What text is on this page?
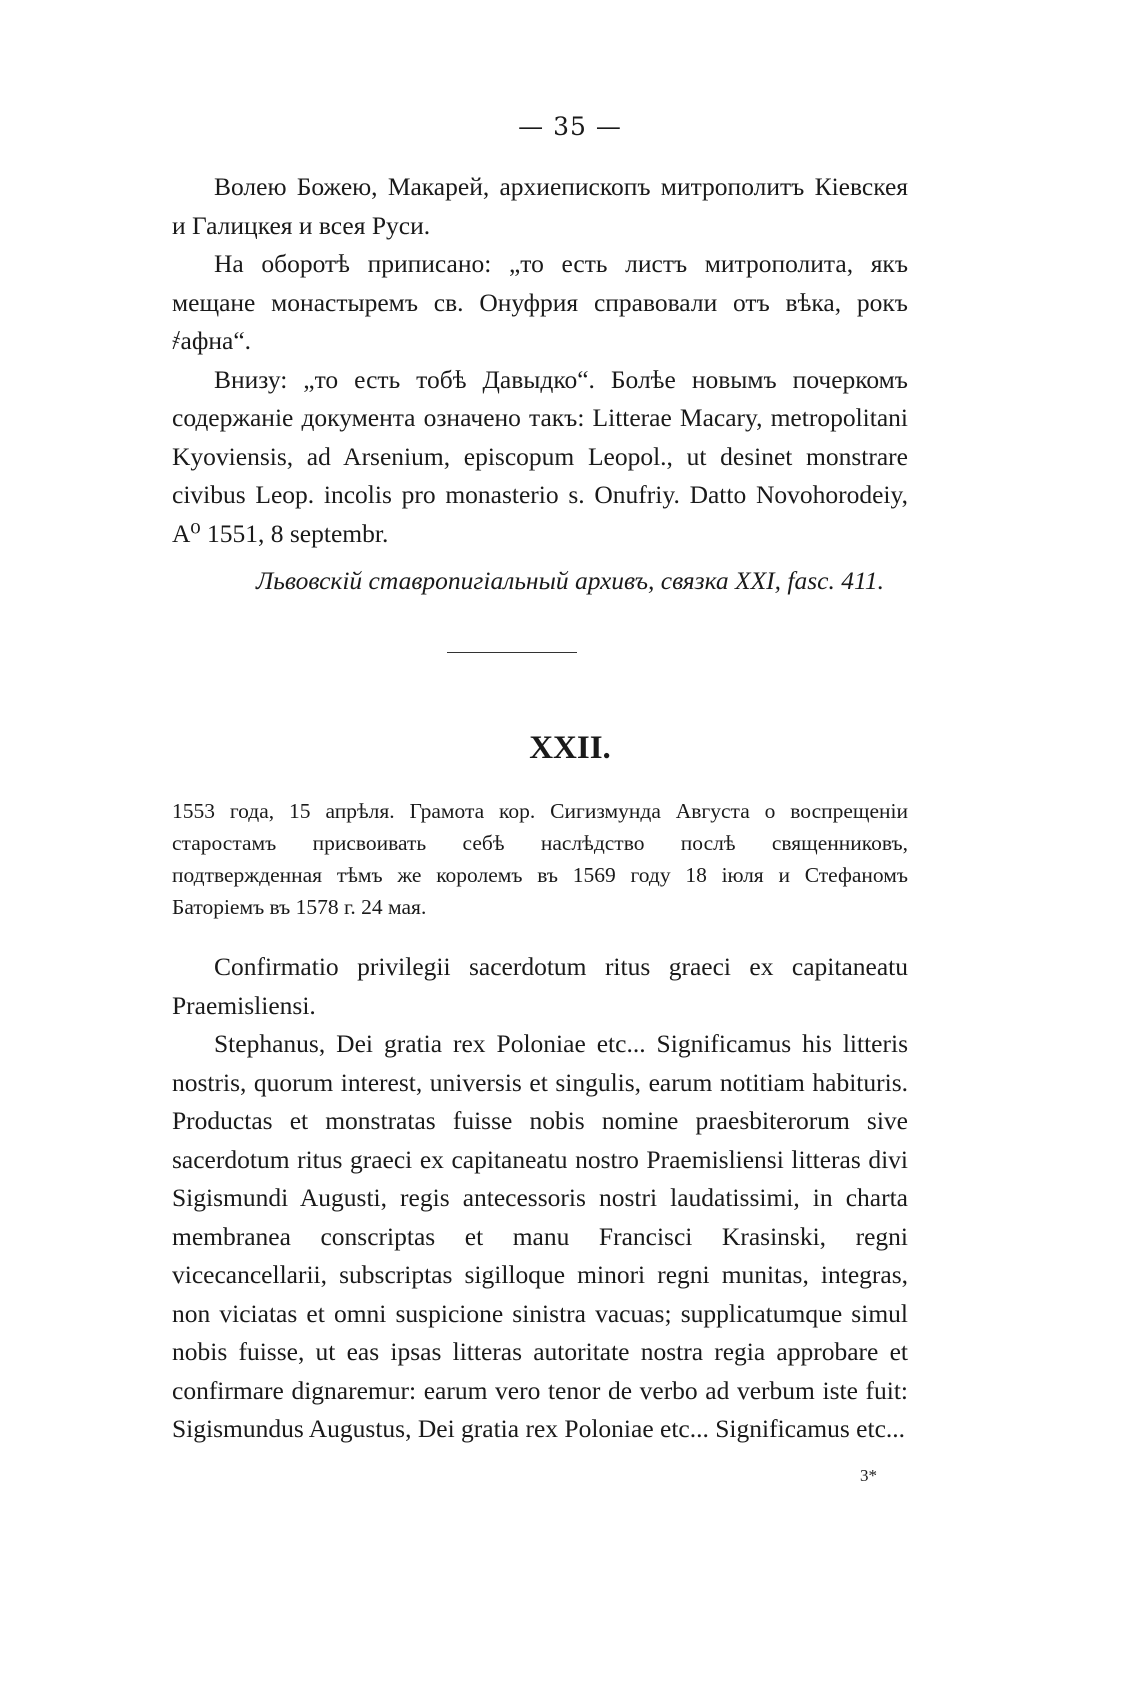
— 35 —

Волею Божею, Макарей, архиепископъ митрополитъ Кіевскея и Галицкея и всея Руси.

На оборотѣ приписано: „то есть листъ митрополита, якъ мещане монастыремъ св. Онуфрия справовали отъ вѣка, рокъ ҂афна“.

Внизу: „то есть тобѣ Давыдко“. Болѣе новымъ почеркомъ содержаніе документа означено такъ: Litterae Macary, metropolitani Kyoviensis, ad Arsenium, episcopum Leopol., ut desinet monstrare civibus Leop. incolis pro monasterio s. Onufriy. Datto Novohorodeiy, A⁰ 1551, 8 septembr.

Львовскій ставропигіальный архивъ, связка XXI, fasc. 411.
XXII.
1553 года, 15 апрѣля. Грамота кор. Сигизмунда Августа о воспрещеніи старостамъ присвоивать себѣ наслѣдство послѣ священниковъ, подтвержденная тѣмъ же королемъ въ 1569 году 18 іюля и Стефаномъ Баторіемъ въ 1578 г. 24 мая.

Confirmatio privilegii sacerdotum ritus graeci ex capitaneatu Praemisliensi.

Stephanus, Dei gratia rex Poloniae etc... Significamus his litteris nostris, quorum interest, universis et singulis, earum notitiam habituris. Productas et monstratas fuisse nobis nomine praesbiterorum sive sacerdotum ritus graeci ex capitaneatu nostro Praemisliensi litteras divi Sigismundi Augusti, regis antecessoris nostri laudatissimi, in charta membranea conscriptas et manu Francisci Krasinski, regni vicecancellarii, subscriptas sigilloque minori regni munitas, integras, non viciatas et omni suspicione sinistra vacuas; supplicatumque simul nobis fuisse, ut eas ipsas litteras autoritate nostra regia approbare et confirmare dignaremur: earum vero tenor de verbo ad verbum iste fuit: Sigismundus Augustus, Dei gratia rex Poloniae etc... Significamus etc...

3*
